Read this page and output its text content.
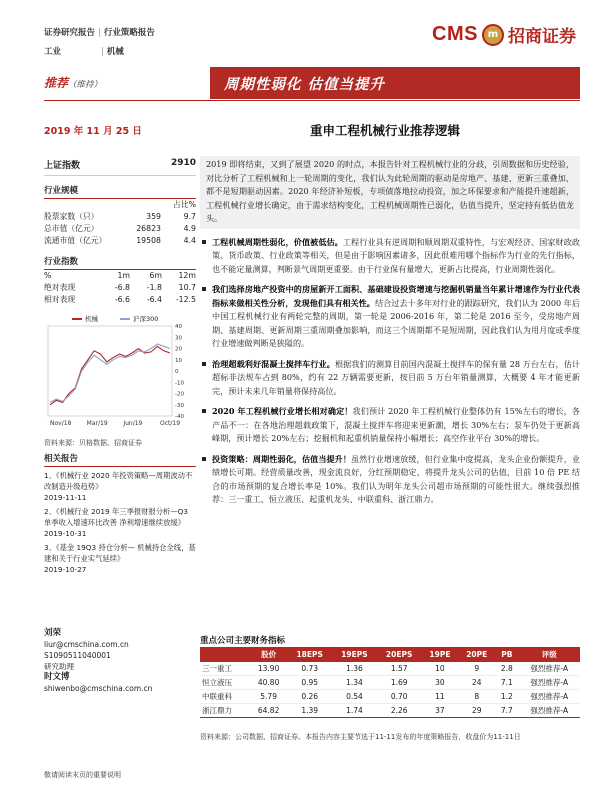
证券研究报告 | 行业策略报告
工业	| 机械
CMS m 招商证券
推荐（维持）	周期性弱化 估值当提升
2019 年 11 月 25 日	重申工程机械行业推荐逻辑
上证指数	2910
行业规模
占比%
股票家数（只）	359	9.7
总市值（亿元）	26823	4.9
流通市值（亿元）	19508	4.4
行业指数
%	1m	6m	12m
绝对表现	-6.8	-1.8	10.7
相对表现	-6.6	-6.4	-12.5
40
30
20
10
0
-10
-20
-30
-40
Nov/18	Mar/19	Jun/19	Oct/19
机械	沪深300
资料来源：贝格数据、招商证券
相关报告
1、《机械行业 2020 年投资策略—周期波动不改制造升级趋势》
2019-11-11
2、《机械行业 2019 年三季报财报分析—Q3 单季收入增速环比改善 净利增速继续放缓》
2019-10-31
3、《基金 19Q3 持仓分析— 机械持仓全线，基建和关于行业实气延续》
2019-10-27
刘荣
liur@cmschina.com.cn
S1090511040001
研究助理
时文博
shiwenbo@cmschina.com.cn
2019 即将结束，又到了展望 2020 的时点，本报告针对工程机械行业的分歧，引周数据和历史经验，对比分析了工程机械和上一轮周期的变化，我们认为此轮周期的驱动是房地产、基建、更新三重叠加，都不是短期驱动因素。2020 年经济补短板，专项债落地拉动投资，加之环保要求和产能提升速超新，工程机械行业增长确定，由于需求结构变化，工程机械周期性已弱化，估值当提升，坚定持有低估值龙头。
工程机械周期性弱化，价值被低估。工程行业具有逆周期和顺周期双重特性，与宏观经济、国家财政政策、货币政策、行业政策等相关，但是由于影响因素诸多，因此很难用哪个指标作为行业的先行指标，也不能定量测算，判断景气周期更重要。由于行业保有量增大，更新占比提高，行业周期性弱化。
我们选择房地产投资中的房屋新开工面积、基础建设投资增速与挖掘机销量当年累计增速作为行业代表指标来做相关性分析，发现他们具有相关性。结合过去十多年对行业的跟踪研究，我们认为 2000 年后中国工程机械行业有两轮完整的周期，第一轮是 2006-2016 年，第二轮是 2016 至今，受房地产周期、基建周期、更新周期三重周期叠加影响，而这三个周期都不是短周期，因此我们认为用月度或季度行业增速做判断是狭隘的。
治理超载利好混凝土搅拌车行业。根据我们的测算目前国内混凝土搅拌车的保有量 28 万台左右，估计超标非法规车占到 80%，约有 22 万辆需要更新，按目前 5 万台年销量测算，大概要 4 年才能更新完，预计未来几年销量将保持高位。
2020 年工程机械行业增长相对确定！我们预计 2020 年工程机械行业整体仍有 15%左右的增长，各产品不一：在各地治理超载政策下，混凝土搅拌车将迎来更新潮，增长 30%左右；泵车仍处于更新高峰期，预计增长 20%左右；挖掘机和起重机销量保持小幅增长；高空作业平台 30%的增长。
投资策略：周期性弱化，估值当提升！虽然行业增速放缓，但行业集中度提高，龙头企业份额提升，业绩增长可期。经营质量改善，现金流良好，分红预期稳定，将提升龙头公司的估值，目前 10 倍 PE 结合的市场预期的复合增长率是 10%。我们认为明年龙头公司超市场预期的可能性很大。继续强烈推荐：三一重工、恒立液压、起重机龙头、中联重科、浙江鼎力。
重点公司主要财务指标
	股价	18EPS	19EPS	20EPS	19PE	20PE	PB	评级
三一重工	13.90	0.73	1.36	1.57	10	9	2.8	强烈推荐-A
恒立液压	40.80	0.95	1.34	1.69	30	24	7.1	强烈推荐-A
中联重科	5.79	0.26	0.54	0.70	11	8	1.2	强烈推荐-A
浙江鼎力	64.82	1.39	1.74	2.26	37	29	7.7	强烈推荐-A
资料来源：公司数据、招商证券。本报告内容主要节选于11-11发布的年度策略报告，收盘价为11-11日
敬请阅读末页的重要说明
